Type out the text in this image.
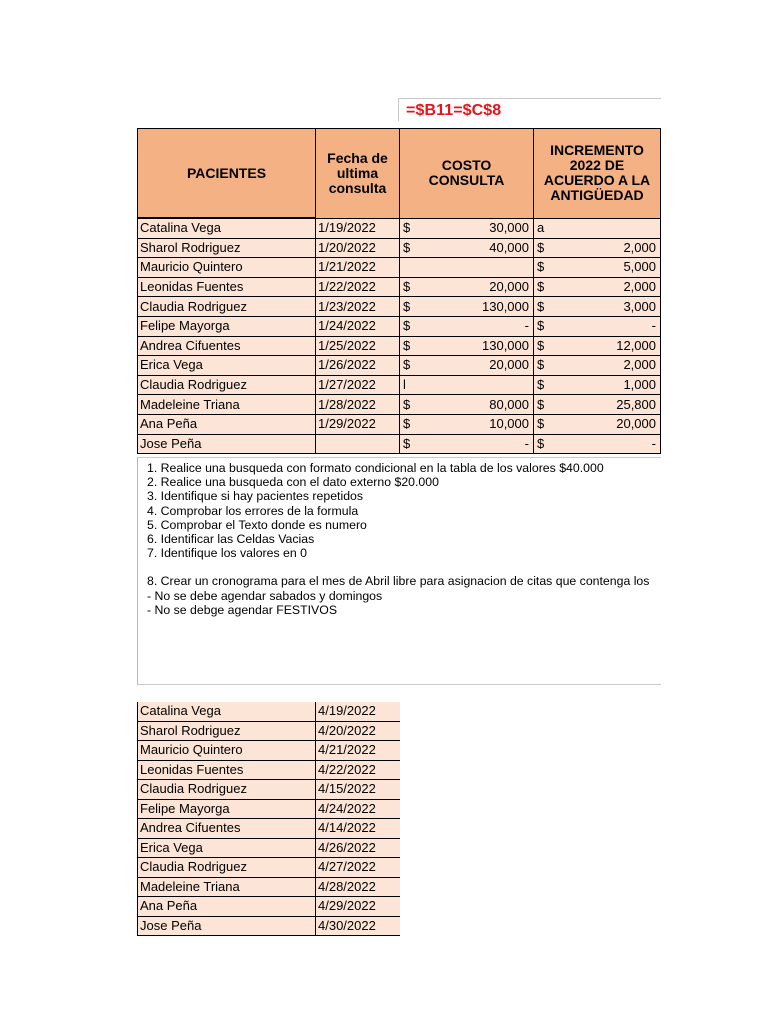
=$B11=$C$8
PACIENTES	Fecha de ultima consulta	COSTO CONSULTA	INCREMENTO 2022 DE ACUERDO A LA ANTIGÜEDAD
Catalina Vega	1/19/2022	$ 30,000	a

Sharol Rodriguez	1/20/2022	$ 40,000	$ 2,000

Mauricio Quintero	1/21/2022		$ 5,000

Leonidas Fuentes	1/22/2022	$ 20,000	$ 2,000

Claudia Rodriguez	1/23/2022	$ 130,000	$ 3,000

Felipe Mayorga	1/24/2022	$ -	$ -

Andrea Cifuentes	1/25/2022	$ 130,000	$ 12,000

Erica Vega	1/26/2022	$ 20,000	$ 2,000

Claudia Rodriguez	1/27/2022	l	$ 1,000

Madeleine Triana	1/28/2022	$ 80,000	$ 25,800

Ana Peña	1/29/2022	$ 10,000	$ 20,000

Jose Peña		$ -	$ -
1. Realice una busqueda con formato condicional en la tabla de los valores $40.000
2. Realice una busqueda con el dato externo $20.000
3. Identifique si hay pacientes repetidos
4. Comprobar los errores de la formula
5. Comprobar el Texto donde es numero
6. Identificar las Celdas Vacias
7. Identifique los valores en 0
8. Crear un cronograma para el mes de Abril libre para asignacion de citas que contenga los
- No se debe agendar sabados y domingos
- No se debge agendar FESTIVOS
Catalina Vega	4/19/2022
Sharol Rodriguez	4/20/2022
Mauricio Quintero	4/21/2022
Leonidas Fuentes	4/22/2022
Claudia Rodriguez	4/15/2022
Felipe Mayorga	4/24/2022
Andrea Cifuentes	4/14/2022
Erica Vega	4/26/2022
Claudia Rodriguez	4/27/2022
Madeleine Triana	4/28/2022
Ana Peña	4/29/2022
Jose Peña	4/30/2022
